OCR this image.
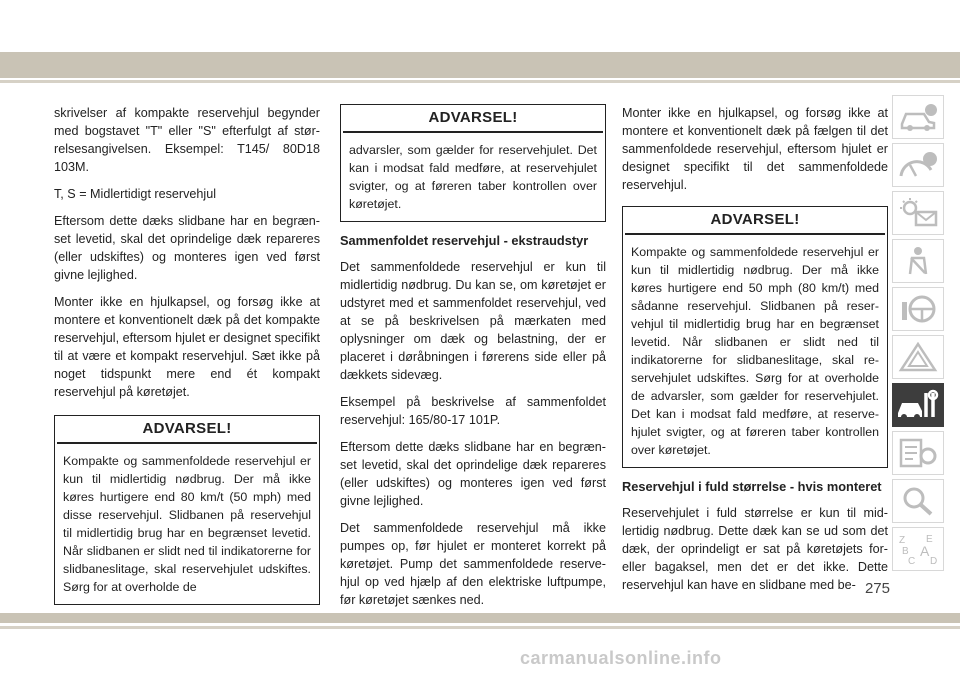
skrivelser af kompakte reservehjul begynder med bogstavet "T" eller "S" efterfulgt af størrelsesangivelsen. Eksempel: T145/ 80D18 103M.

T, S = Midlertidigt reservehjul

Eftersom dette dæks slidbane har en begrænset levetid, skal det oprindelige dæk repareres (eller udskiftes) og monteres igen ved først givne lejlighed.

Monter ikke en hjulkapsel, og forsøg ikke at montere et konventionelt dæk på det kompakte reservehjul, eftersom hjulet er designet specifikt til at være et kompakt reservehjul. Sæt ikke på noget tidspunkt mere end ét kompakt reservehjul på køretøjet.

ADVARSEL!
Kompakte og sammenfoldede reservehjul er kun til midlertidig nødbrug. Der må ikke køres hurtigere end 80 km/t (50 mph) med disse reservehjul. Slidbanen på reservehjul til midlertidig brug har en begrænset levetid. Når slidbanen er slidt ned til indikatorerne for slidbaneslitage, skal reservehjulet udskiftes. Sørg for at overholde de
ADVARSEL!
advarsler, som gælder for reservehjulet. Det kan i modsat fald medføre, at reservehjulet svigter, og at føreren taber kontrollen over køretøjet.
Sammenfoldet reservehjul - ekstraudstyr

Det sammenfoldede reservehjul er kun til midlertidig nødbrug. Du kan se, om køretøjet er udstyret med et sammenfoldet reservehjul, ved at se på beskrivelsen på mærkaten med oplysninger om dæk og belastning, der er placeret i døråbningen i førerens side eller på dækkets sidevæg.

Eksempel på beskrivelse af sammenfoldet reservehjul: 165/80-17 101P.

Eftersom dette dæks slidbane har en begrænset levetid, skal det oprindelige dæk repareres (eller udskiftes) og monteres igen ved først givne lejlighed.

Det sammenfoldede reservehjul må ikke pumpes op, før hjulet er monteret korrekt på køretøjet. Pump det sammenfoldede reservehjul op ved hjælp af den elektriske luftpumpe, før køretøjet sænkes ned.

Monter ikke en hjulkapsel, og forsøg ikke at montere et konventionelt dæk på fælgen til det sammenfoldede reservehjul, eftersom hjulet er designet specifikt til det sammenfoldede reservehjul.

ADVARSEL!
Kompakte og sammenfoldede reservehjul er kun til midlertidig nødbrug. Der må ikke køres hurtigere end 50 mph (80 km/t) med sådanne reservehjul. Slidbanen på reservehjul til midlertidig brug har en begrænset levetid. Når slidbanen er slidt ned til indikatorerne for slidbaneslitage, skal reservehjulet udskiftes. Sørg for at overholde de advarsler, som gælder for reservehjulet. Det kan i modsat fald medføre, at reservehjulet svigter, og at føreren taber kontrollen over køretøjet.
Reservehjul i fuld størrelse - hvis monteret

Reservehjulet i fuld størrelse er kun til midlertidig nødbrug. Dette dæk kan se ud som det dæk, der oprindeligt er sat på køretøjets for- eller bagaksel, men det er det ikke. Dette reservehjul kan have en slidbane med be-

Z E
B A
C D
275
carmanualsonline.info
